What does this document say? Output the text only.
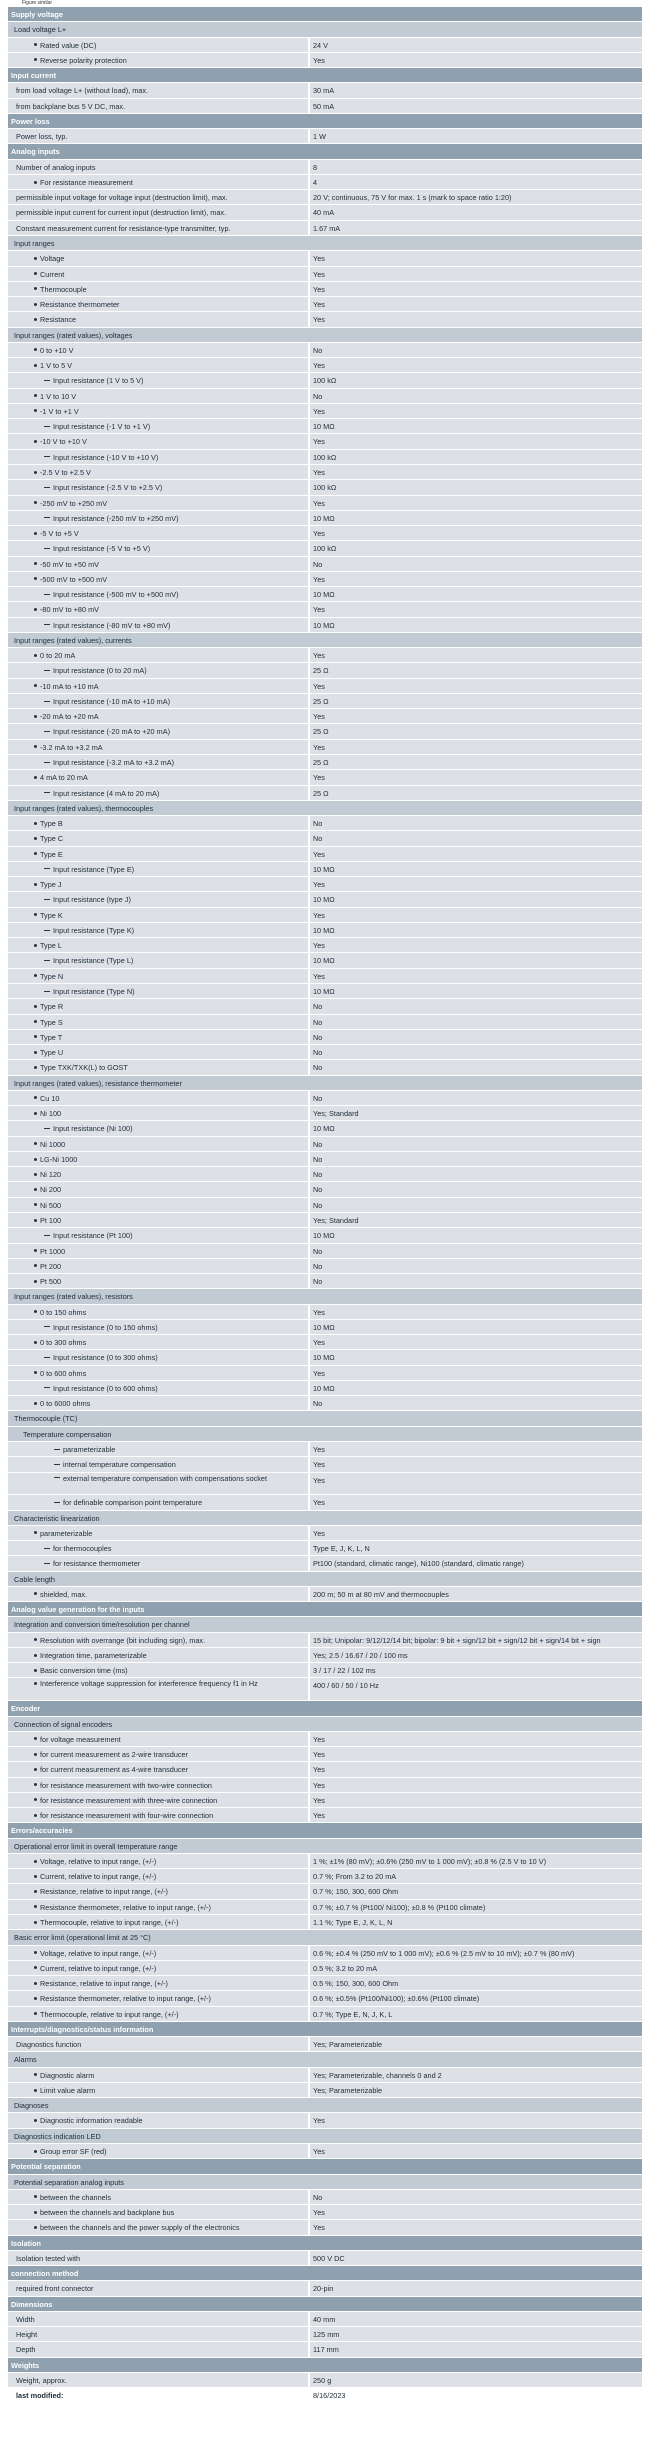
Figure similar
Supply voltage
Load voltage L+
Rated value (DC)	24 V
Reverse polarity protection	Yes
Input current
from load voltage L+ (without load), max.	30 mA
from backplane bus 5 V DC, max.	50 mA
Power loss
Power loss, typ.	1 W
Analog inputs
Number of analog inputs	8
For resistance measurement	4
permissible input voltage for voltage input (destruction limit), max.	20 V; continuous, 75 V for max. 1 s (mark to space ratio 1:20)
permissible input current for current input (destruction limit), max.	40 mA
Constant measurement current for resistance-type transmitter, typ.	1.67 mA
Input ranges
Voltage	Yes
Current	Yes
Thermocouple	Yes
Resistance thermometer	Yes
Resistance	Yes
Input ranges (rated values), voltages
0 to +10 V	No
1 V to 5 V	Yes
Input resistance (1 V to 5 V)	100 kΩ
1 V to 10 V	No
-1 V to +1 V	Yes
Input resistance (-1 V to +1 V)	10 MΩ
-10 V to +10 V	Yes
Input resistance (-10 V to +10 V)	100 kΩ
-2.5 V to +2.5 V	Yes
Input resistance (-2.5 V to +2.5 V)	100 kΩ
-250 mV to +250 mV	Yes
Input resistance (-250 mV to +250 mV)	10 MΩ
-5 V to +5 V	Yes
Input resistance (-5 V to +5 V)	100 kΩ
-50 mV to +50 mV	No
-500 mV to +500 mV	Yes
Input resistance (-500 mV to +500 mV)	10 MΩ
-80 mV to +80 mV	Yes
Input resistance (-80 mV to +80 mV)	10 MΩ
Input ranges (rated values), currents
0 to 20 mA	Yes
Input resistance (0 to 20 mA)	25 Ω
-10 mA to +10 mA	Yes
Input resistance (-10 mA to +10 mA)	25 Ω
-20 mA to +20 mA	Yes
Input resistance (-20 mA to +20 mA)	25 Ω
-3.2 mA to +3.2 mA	Yes
Input resistance (-3.2 mA to +3.2 mA)	25 Ω
4 mA to 20 mA	Yes
Input resistance (4 mA to 20 mA)	25 Ω
Input ranges (rated values), thermocouples
Type B	No
Type C	No
Type E	Yes
Input resistance (Type E)	10 MΩ
Type J	Yes
Input resistance (type J)	10 MΩ
Type K	Yes
Input resistance (Type K)	10 MΩ
Type L	Yes
Input resistance (Type L)	10 MΩ
Type N	Yes
Input resistance (Type N)	10 MΩ
Type R	No
Type S	No
Type T	No
Type U	No
Type TXK/TXK(L) to GOST	No
Input ranges (rated values), resistance thermometer
Cu 10	No
Ni 100	Yes; Standard
Input resistance (Ni 100)	10 MΩ
Ni 1000	No
LG-Ni 1000	No
Ni 120	No
Ni 200	No
Ni 500	No
Pt 100	Yes; Standard
Input resistance (Pt 100)	10 MΩ
Pt 1000	No
Pt 200	No
Pt 500	No
Input ranges (rated values), resistors
0 to 150 ohms	Yes
Input resistance (0 to 150 ohms)	10 MΩ
0 to 300 ohms	Yes
Input resistance (0 to 300 ohms)	10 MΩ
0 to 600 ohms	Yes
Input resistance (0 to 600 ohms)	10 MΩ
0 to 6000 ohms	No
Thermocouple (TC)
Temperature compensation
parameterizable	Yes
internal temperature compensation	Yes
external temperature compensation with compensations socket	Yes
for definable comparison point temperature	Yes
Characteristic linearization
parameterizable	Yes
for thermocouples	Type E, J, K, L, N
for resistance thermometer	Pt100 (standard, climatic range), Ni100 (standard, climatic range)
Cable length
shielded, max.	200 m; 50 m at 80 mV and thermocouples
Analog value generation for the inputs
Integration and conversion time/resolution per channel
Resolution with overrange (bit including sign), max.	15 bit; Unipolar: 9/12/12/14 bit; bipolar: 9 bit + sign/12 bit + sign/12 bit + sign/14 bit + sign
Integration time, parameterizable	Yes; 2.5 / 16.67 / 20 / 100 ms
Basic conversion time (ms)	3 / 17 / 22 / 102 ms
Interference voltage suppression for interference frequency f1 in Hz	400 / 60 / 50 / 10 Hz
Encoder
Connection of signal encoders
for voltage measurement	Yes
for current measurement as 2-wire transducer	Yes
for current measurement as 4-wire transducer	Yes
for resistance measurement with two-wire connection	Yes
for resistance measurement with three-wire connection	Yes
for resistance measurement with four-wire connection	Yes
Errors/accuracies
Operational error limit in overall temperature range
Voltage, relative to input range, (+/-)	1 %; ±1% (80 mV); ±0.6% (250 mV to 1 000 mV); ±0.8 % (2.5 V to 10 V)
Current, relative to input range, (+/-)	0.7 %; From 3.2 to 20 mA
Resistance, relative to input range, (+/-)	0.7 %; 150, 300, 600 Ohm
Resistance thermometer, relative to input range, (+/-)	0.7 %; ±0.7 % (Pt100/ Ni100); ±0.8 % (Pt100 climate)
Thermocouple, relative to input range, (+/-)	1.1 %; Type E, J, K, L, N
Basic error limit (operational limit at 25 °C)
Voltage, relative to input range, (+/-)	0.6 %; ±0.4 % (250 mV to 1 000 mV); ±0.6 % (2.5 mV to 10 mV); ±0.7 % (80 mV)
Current, relative to input range, (+/-)	0.5 %; 3.2 to 20 mA
Resistance, relative to input range, (+/-)	0.5 %; 150, 300, 600 Ohm
Resistance thermometer, relative to input range, (+/-)	0.6 %; ±0.5% (Pt100/Ni100); ±0.6% (Pt100 climate)
Thermocouple, relative to input range, (+/-)	0.7 %; Type E, N, J, K, L
Interrupts/diagnostics/status information
Diagnostics function	Yes; Parameterizable
Alarms
Diagnostic alarm	Yes; Parameterizable, channels 0 and 2
Limit value alarm	Yes; Parameterizable
Diagnoses
Diagnostic information readable	Yes
Diagnostics indication LED
Group error SF (red)	Yes
Potential separation
Potential separation analog inputs
between the channels	No
between the channels and backplane bus	Yes
between the channels and the power supply of the electronics	Yes
Isolation
Isolation tested with	500 V DC
connection method
required front connector	20-pin
Dimensions
Width	40 mm
Height	125 mm
Depth	117 mm
Weights
Weight, approx.	250 g
last modified:	8/16/2023
